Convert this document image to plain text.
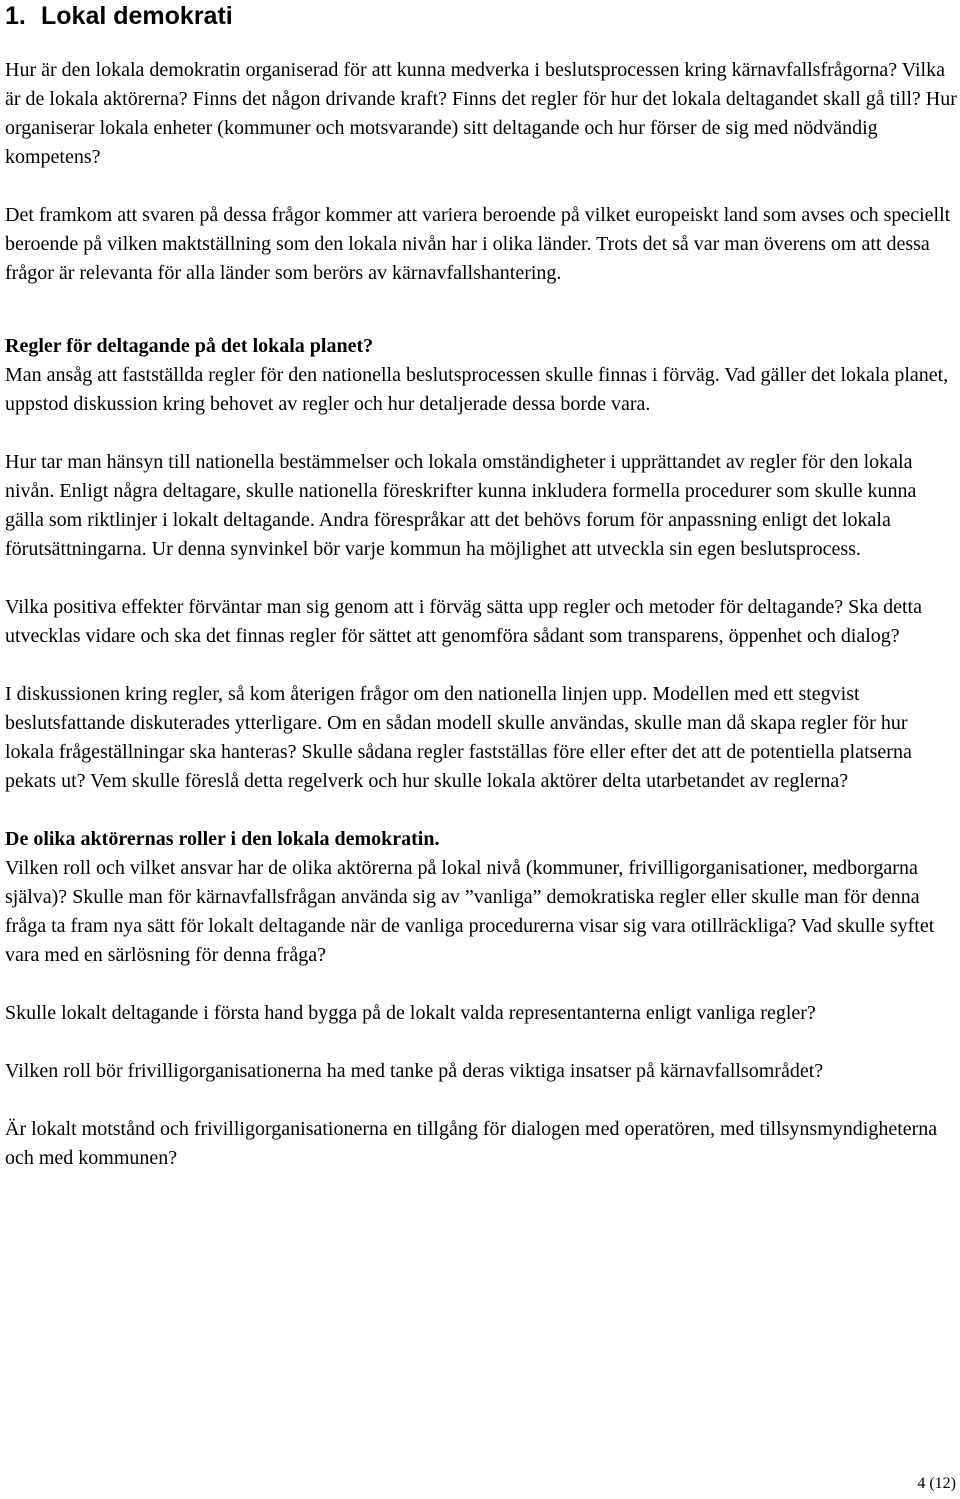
1. Lokal demokrati

Hur är den lokala demokratin organiserad för att kunna medverka i beslutsprocessen kring kärnavfallsfrågorna? Vilka är de lokala aktörerna? Finns det någon drivande kraft? Finns det regler för hur det lokala deltagandet skall gå till? Hur organiserar lokala enheter (kommuner och motsvarande) sitt deltagande och hur förser de sig med nödvändig kompetens?

Det framkom att svaren på dessa frågor kommer att variera beroende på vilket europeiskt land som avses och speciellt beroende på vilken maktställning som den lokala nivån har i olika länder. Trots det så var man överens om att dessa frågor är relevanta för alla länder som berörs av kärnavfallshantering.

Regler för deltagande på det lokala planet?

Man ansåg att fastställda regler för den nationella beslutsprocessen skulle finnas i förväg. Vad gäller det lokala planet, uppstod diskussion kring behovet av regler och hur detaljerade dessa borde vara.

Hur tar man hänsyn till nationella bestämmelser och lokala omständigheter i upprättandet av regler för den lokala nivån. Enligt några deltagare, skulle nationella föreskrifter kunna inkludera formella procedurer som skulle kunna gälla som riktlinjer i lokalt deltagande. Andra förespråkar att det behövs forum för anpassning enligt det lokala förutsättningarna. Ur denna synvinkel bör varje kommun ha möjlighet att utveckla sin egen beslutsprocess.

Vilka positiva effekter förväntar man sig genom att i förväg sätta upp regler och metoder för deltagande? Ska detta utvecklas vidare och ska det finnas regler för sättet att genomföra sådant som transparens, öppenhet och dialog?

I diskussionen kring regler, så kom återigen frågor om den nationella linjen upp. Modellen med ett stegvist beslutsfattande diskuterades ytterligare. Om en sådan modell skulle användas, skulle man då skapa regler för hur lokala frågeställningar ska hanteras? Skulle sådana regler fastställas före eller efter det att de potentiella platserna pekats ut? Vem skulle föreslå detta regelverk och hur skulle lokala aktörer delta utarbetandet av reglerna?

De olika aktörernas roller i den lokala demokratin.

Vilken roll och vilket ansvar har de olika aktörerna på lokal nivå (kommuner, frivilligorganisationer, medborgarna själva)? Skulle man för kärnavfallsfrågan använda sig av ”vanliga” demokratiska regler eller skulle man för denna fråga ta fram nya sätt för lokalt deltagande när de vanliga procedurerna visar sig vara otillräckliga? Vad skulle syftet vara med en särlösning för denna fråga?

Skulle lokalt deltagande i första hand bygga på de lokalt valda representanterna enligt vanliga regler?

Vilken roll bör frivilligorganisationerna ha med tanke på deras viktiga insatser på kärnavfallsområdet?

Är lokalt motstånd och frivilligorganisationerna en tillgång för dialogen med operatören, med tillsynsmyndigheterna och med kommunen?

4 (12)
